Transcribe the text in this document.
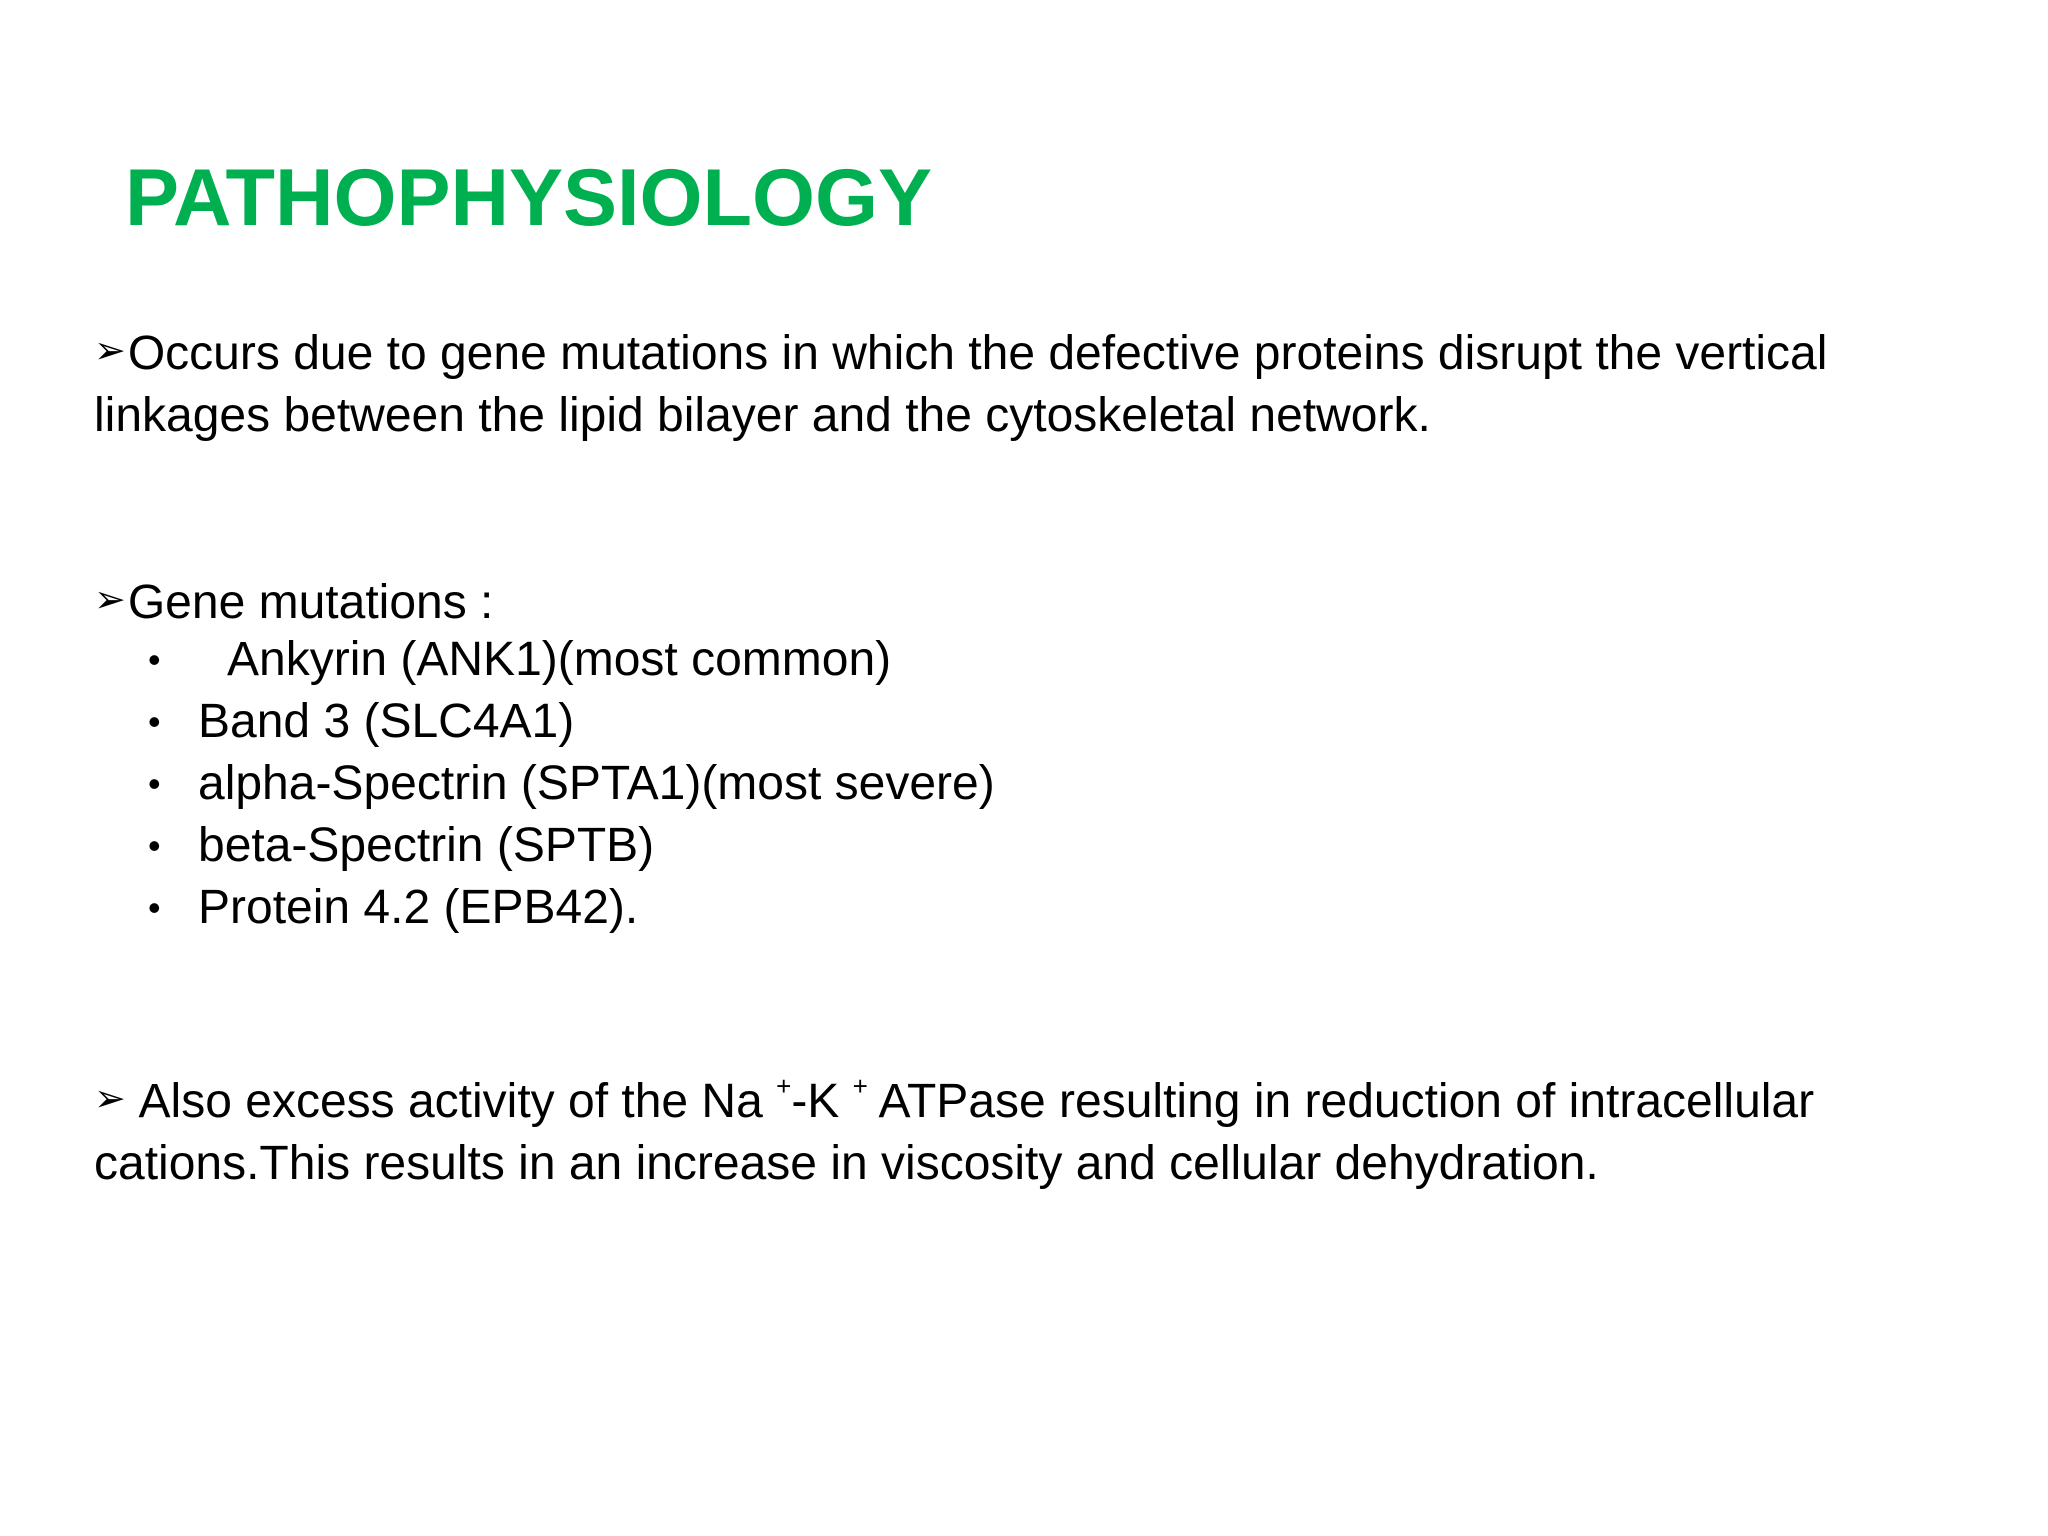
PATHOPHYSIOLOGY

➢Occurs due to gene mutations in which the defective proteins disrupt the vertical linkages between the lipid bilayer and the cytoskeletal network.

➢Gene mutations :

• Ankyrin (ANK1)(most common)
• Band 3 (SLC4A1)
• alpha-Spectrin (SPTA1)(most severe)
• beta-Spectrin (SPTB)
• Protein 4.2 (EPB42).

➢ Also excess activity of the Na +-K + ATPase resulting in reduction of intracellular cations.This results in an increase in viscosity and cellular dehydration.
